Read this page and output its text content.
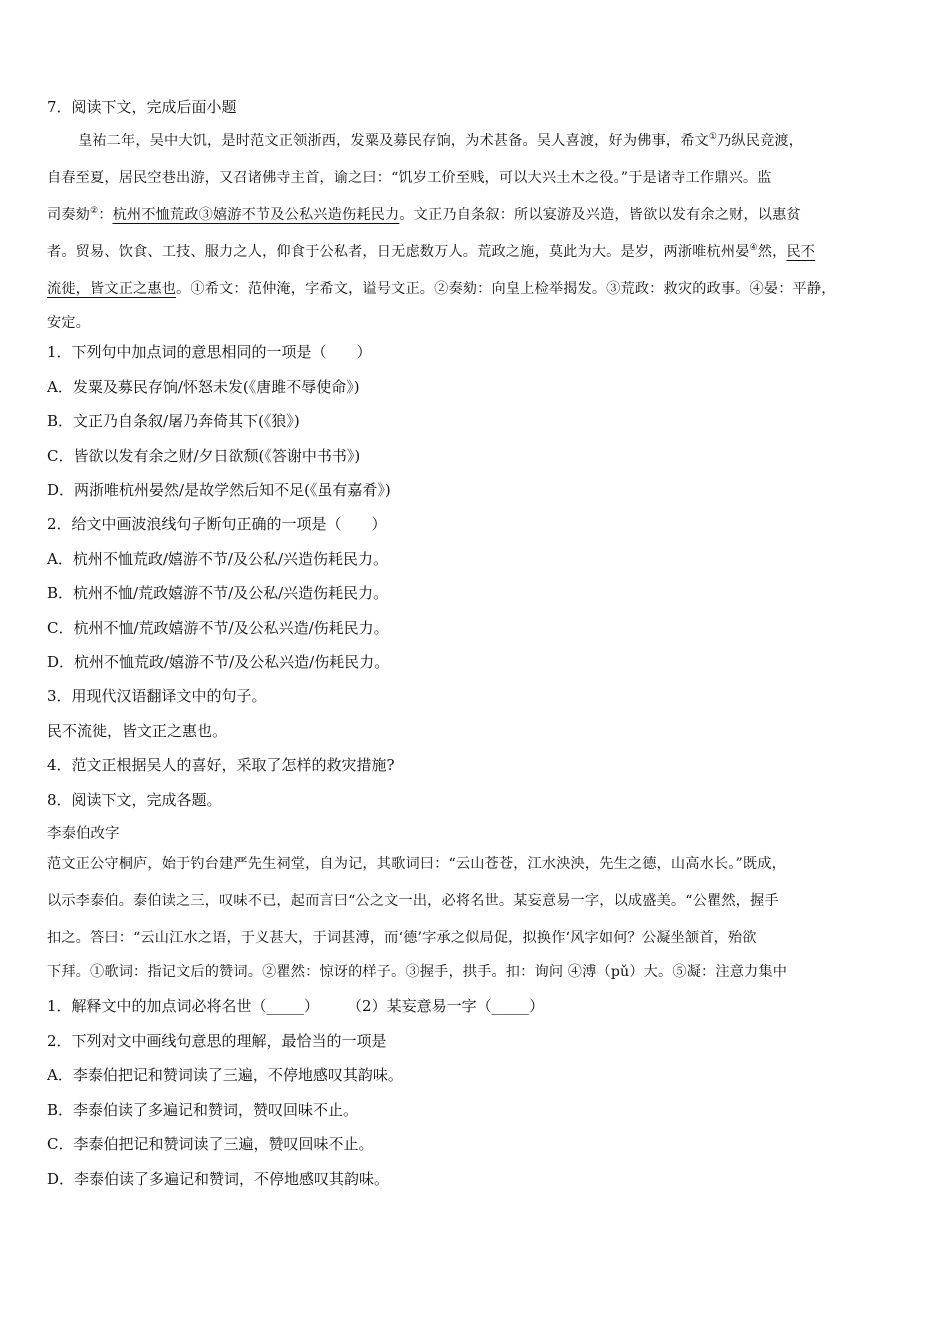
7．阅读下文，完成后面小题

皇祐二年，吴中大饥，是时范文正领浙西，发粟及募民存饷，为术甚备。吴人喜渡，好为佛事，希文①乃纵民竞渡，

自春至夏，居民空巷出游，又召诸佛寺主首，谕之曰：“饥岁工价至贱，可以大兴土木之役。”于是诸寺工作鼎兴。监

司奏劾②：杭州不恤荒政③嬉游不节及公私兴造伤耗民力。文正乃自条叙：所以宴游及兴造，皆欲以发有余之财，以惠贫

者。贸易、饮食、工技、服力之人，仰食于公私者，日无虑数万人。荒政之施，莫此为大。是岁，两浙唯杭州晏④然，民不

流徙，皆文正之惠也。①希文：范仲淹，字希文，谥号文正。②奏劾：向皇上检举揭发。③荒政：救灾的政事。④晏：平静，

安定。

1．下列句中加点词的意思相同的一项是（　　）

A．发粟及募民存饷/怀怒未发(《唐雎不辱使命》)

B．文正乃自条叙/屠乃奔倚其下(《狼》)

C．皆欲以发有余之财/夕日欲颓(《答谢中书书》)

D．两浙唯杭州晏然/是故学然后知不足(《虽有嘉肴》)

2．给文中画波浪线句子断句正确的一项是（　　）

A．杭州不恤荒政/嬉游不节/及公私/兴造伤耗民力。

B．杭州不恤/荒政嬉游不节/及公私/兴造伤耗民力。

C．杭州不恤/荒政嬉游不节/及公私兴造/伤耗民力。

D．杭州不恤荒政/嬉游不节/及公私兴造/伤耗民力。

3．用现代汉语翻译文中的句子。

民不流徙，皆文正之惠也。

4．范文正根据吴人的喜好，采取了怎样的救灾措施?

8．阅读下文，完成各题。

李泰伯改字

范文正公守桐庐，始于钓台建严先生祠堂，自为记，其歌词曰：“云山苍苍，江水泱泱，先生之德，山高水长。”既成，

以示李泰伯。泰伯读之三，叹味不已，起而言曰“公之文一出，必将名世。某妄意易一字，以成盛美。“公瞿然，握手

扣之。答曰：“云山江水之语，于义甚大，于词甚溥，而‘德’字承之似局促，拟换作‘风字如何？公凝坐颔首，殆欲

下拜。①歌词：指记文后的赞词。②瞿然：惊讶的样子。③握手，拱手。扣：询问 ④溥（pǔ）大。⑤凝：注意力集中

1．解释文中的加点词必将名世（_____） （2）某妄意易一字（_____）

2．下列对文中画线句意思的理解，最恰当的一项是

A．李泰伯把记和赞词读了三遍，不停地感叹其韵味。

B．李泰伯读了多遍记和赞词，赞叹回味不止。

C．李泰伯把记和赞词读了三遍，赞叹回味不止。

D．李泰伯读了多遍记和赞词，不停地感叹其韵味。
